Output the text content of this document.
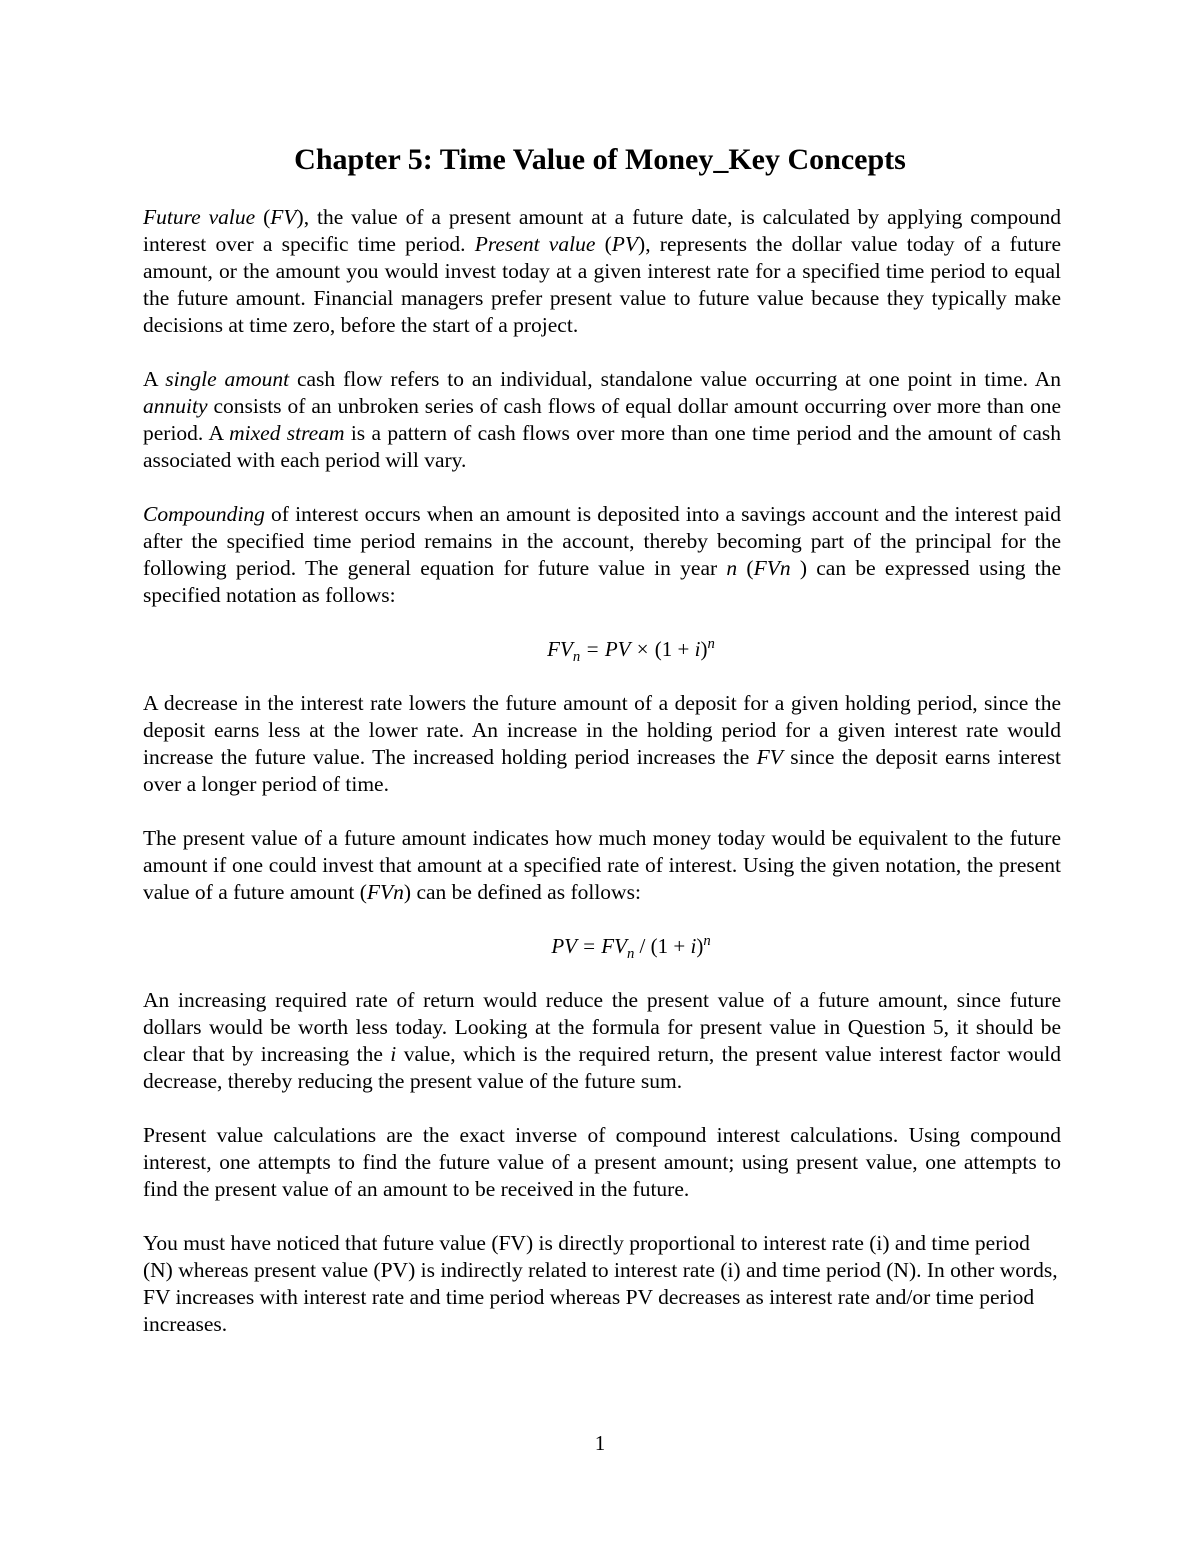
Chapter 5: Time Value of Money_Key Concepts

Future value (FV), the value of a present amount at a future date, is calculated by applying compound interest over a specific time period. Present value (PV), represents the dollar value today of a future amount, or the amount you would invest today at a given interest rate for a specified time period to equal the future amount. Financial managers prefer present value to future value because they typically make decisions at time zero, before the start of a project.

A single amount cash flow refers to an individual, standalone value occurring at one point in time. An annuity consists of an unbroken series of cash flows of equal dollar amount occurring over more than one period. A mixed stream is a pattern of cash flows over more than one time period and the amount of cash associated with each period will vary.

Compounding of interest occurs when an amount is deposited into a savings account and the interest paid after the specified time period remains in the account, thereby becoming part of the principal for the following period. The general equation for future value in year n (FVn ) can be expressed using the specified notation as follows:

$FV_n$ = PV × $(1 + i)^n$

A decrease in the interest rate lowers the future amount of a deposit for a given holding period, since the deposit earns less at the lower rate. An increase in the holding period for a given interest rate would increase the future value. The increased holding period increases the FV since the deposit earns interest over a longer period of time.

The present value of a future amount indicates how much money today would be equivalent to the future amount if one could invest that amount at a specified rate of interest. Using the given notation, the present value of a future amount (FVn) can be defined as follows:

PV = $FV_n / (1 + i)^n$

An increasing required rate of return would reduce the present value of a future amount, since future dollars would be worth less today. Looking at the formula for present value in Question 5, it should be clear that by increasing the i value, which is the required return, the present value interest factor would decrease, thereby reducing the present value of the future sum.

Present value calculations are the exact inverse of compound interest calculations. Using compound interest, one attempts to find the future value of a present amount; using present value, one attempts to find the present value of an amount to be received in the future.

You must have noticed that future value (FV) is directly proportional to interest rate (i) and time period (N) whereas present value (PV) is indirectly related to interest rate (i) and time period (N). In other words, FV increases with interest rate and time period whereas PV decreases as interest rate and/or time period increases.

1
